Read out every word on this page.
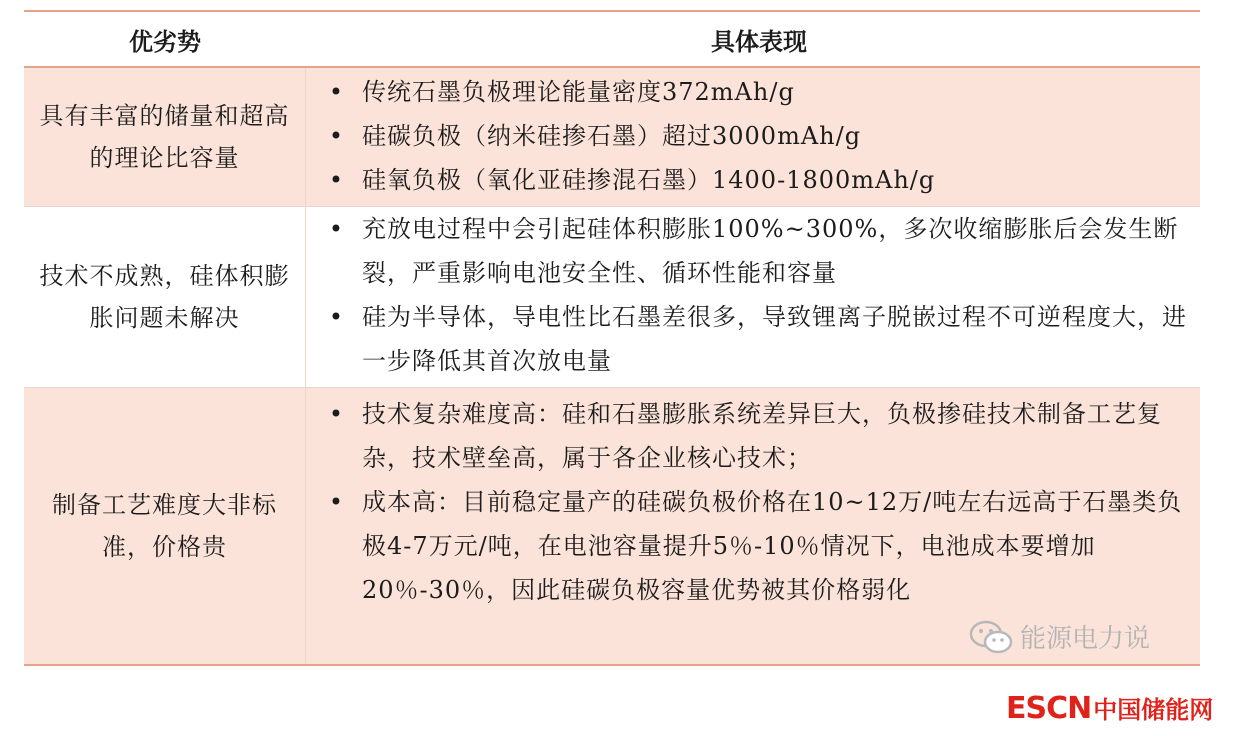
优劣势	具体表现
具有丰富的储量和超高的理论比容量
• 传统石墨负极理论能量密度372mAh/g
• 硅碳负极（纳米硅掺石墨）超过3000mAh/g
• 硅氧负极（氧化亚硅掺混石墨）1400-1800mAh/g
技术不成熟，硅体积膨胀问题未解决
• 充放电过程中会引起硅体积膨胀100%~300%，多次收缩膨胀后会发生断裂，严重影响电池安全性、循环性能和容量
• 硅为半导体，导电性比石墨差很多，导致锂离子脱嵌过程不可逆程度大，进一步降低其首次放电量
制备工艺难度大非标准，价格贵
• 技术复杂难度高：硅和石墨膨胀系统差异巨大，负极掺硅技术制备工艺复杂，技术壁垒高，属于各企业核心技术；
• 成本高：目前稳定量产的硅碳负极价格在10~12万/吨左右远高于石墨类负极4-7万元/吨，在电池容量提升5％-10％情况下，电池成本要增加20％-30％，因此硅碳负极容量优势被其价格弱化
能源电力说
ESCN 中国储能网
